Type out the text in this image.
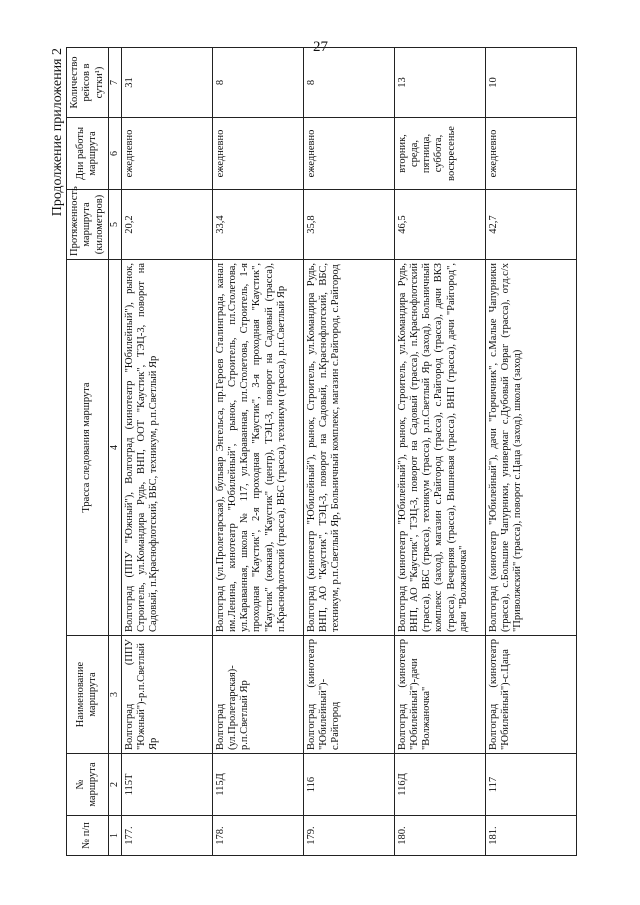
27
Продолжение приложения 2
№ п/п	№ маршрута	Наименование маршрута	Трасса следования маршрута	Протяженность маршрута (километров)	Дни работы маршрута	Количество рейсов в сутки¹)
1	2	3	4	5	6	7
177.	115Т	Волгоград (ППУ "Южный")-р.п.Светлый Яр	Волгоград (ППУ "Южный"), Волгоград (кинотеатр "Юбилейный"), рынок, Строитель, ул.Командира Рудь, ВНП, ООТ "Каустик", ТЭЦ-3, поворот на Садовый, п.Краснофлотский, ВБС, техникум, р.п.Светлый Яр	20,2	ежедневно	31
178.	115Д	Волгоград (ул.Пролетарская)-р.п.Светлый Яр	Волгоград (ул.Пролетарская), бульвар Энгельса, пр.Героев Сталинграда, канал им.Ленина, кинотеатр "Юбилейный", рынок, Строитель, пл.Столетова, ул.Караванная, школа № 117, ул.Караванная, пл.Столетова, Строитель, 1-я проходная "Каустик", 2-я проходная "Каустик", 3-я проходная "Каустик", "Каустик" (южная), "Каустик" (центр), ТЭЦ-3, поворот на Садовый (трасса), п.Краснофлотский (трасса), ВБС (трасса), техникум (трасса), р.п.Светлый Яр	33,4	ежедневно	8
179.	116	Волгоград (кинотеатр "Юбилейный")-с.Райгород	Волгоград (кинотеатр "Юбилейный"), рынок, Строитель, ул.Командира Рудь, ВНП, АО "Каустик", ТЭЦ-3, поворот на Садовый, п.Краснофлотский, ВБС, техникум, р.п.Светлый Яр, Больничный комплекс, магазин с.Райгород, с.Райгород	35,8	ежедневно	8
180.	116Д	Волгоград (кинотеатр "Юбилейный")-дачи "Волжаночка"	Волгоград (кинотеатр "Юбилейный"), рынок, Строитель, ул.Командира Рудь, ВНП, АО "Каустик", ТЭЦ-3, поворот на Садовый (трасса), п.Краснофлотский (трасса), ВБС (трасса), техникум (трасса), р.п.Светлый Яр (заход), Больничный комплекс (заход), магазин с.Райгород (трасса), с.Райгород (трасса), дачи ВКЗ (трасса), Вечерняя (трасса), Вишневая (трасса), ВНП (трасса), дачи "Райгород", дачи "Волжаночка"	46,5	вторник, среда, пятница, суббота, воскресенье	13
181.	117	Волгоград (кинотеатр "Юбилейный")-с.Цаца	Волгоград (кинотеатр "Юбилейный"), дачи "Горчичник", с.Малые Чапурники (трасса), с.Большие Чапурники, универмаг с.Дубовый Овраг (трасса), отд.с/х "Приволжский" (трасса), поворот с.Цаца (заход), школа (заход)	42,7	ежедневно	10
